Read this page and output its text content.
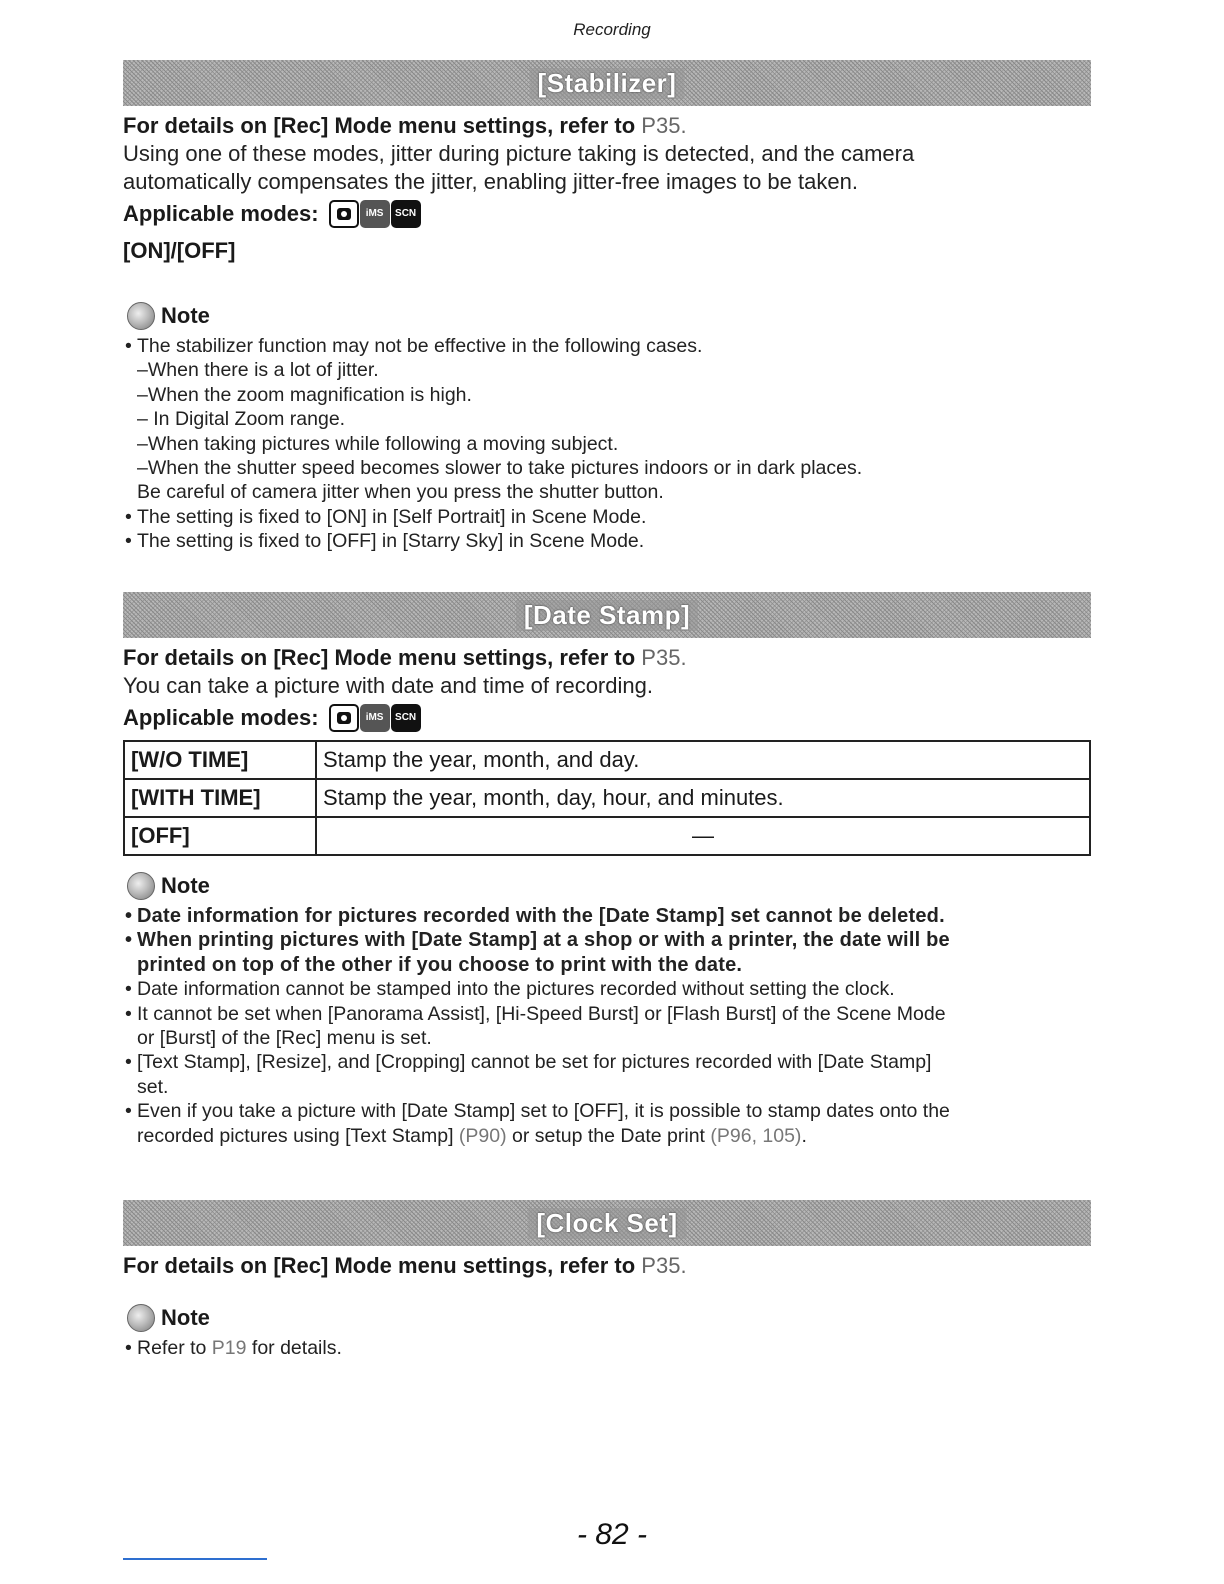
Recording
[Stabilizer]
For details on [Rec] Mode menu settings, refer to P35.
Using one of these modes, jitter during picture taking is detected, and the camera
automatically compensates the jitter, enabling jitter-free images to be taken.
Applicable modes:	iMS	SCN
[ON]/[OFF]
Note
• The stabilizer function may not be effective in the following cases.
–When there is a lot of jitter.
–When the zoom magnification is high.
– In Digital Zoom range.
–When taking pictures while following a moving subject.
–When the shutter speed becomes slower to take pictures indoors or in dark places.
Be careful of camera jitter when you press the shutter button.
• The setting is fixed to [ON] in [Self Portrait] in Scene Mode.
• The setting is fixed to [OFF] in [Starry Sky] in Scene Mode.
[Date Stamp]
For details on [Rec] Mode menu settings, refer to P35.
You can take a picture with date and time of recording.
Applicable modes:	iMS	SCN
[W/O TIME]	Stamp the year, month, and day.
[WITH TIME]	Stamp the year, month, day, hour, and minutes.
[OFF]	—
Note
• Date information for pictures recorded with the [Date Stamp] set cannot be deleted.
• When printing pictures with [Date Stamp] at a shop or with a printer, the date will be
printed on top of the other if you choose to print with the date.
• Date information cannot be stamped into the pictures recorded without setting the clock.
• It cannot be set when [Panorama Assist], [Hi-Speed Burst] or [Flash Burst] of the Scene Mode
or [Burst] of the [Rec] menu is set.
• [Text Stamp], [Resize], and [Cropping] cannot be set for pictures recorded with [Date Stamp]
set.
• Even if you take a picture with [Date Stamp] set to [OFF], it is possible to stamp dates onto the
recorded pictures using [Text Stamp] (P90) or setup the Date print (P96, 105).
[Clock Set]
For details on [Rec] Mode menu settings, refer to P35.
Note
• Refer to P19 for details.
- 82 -
